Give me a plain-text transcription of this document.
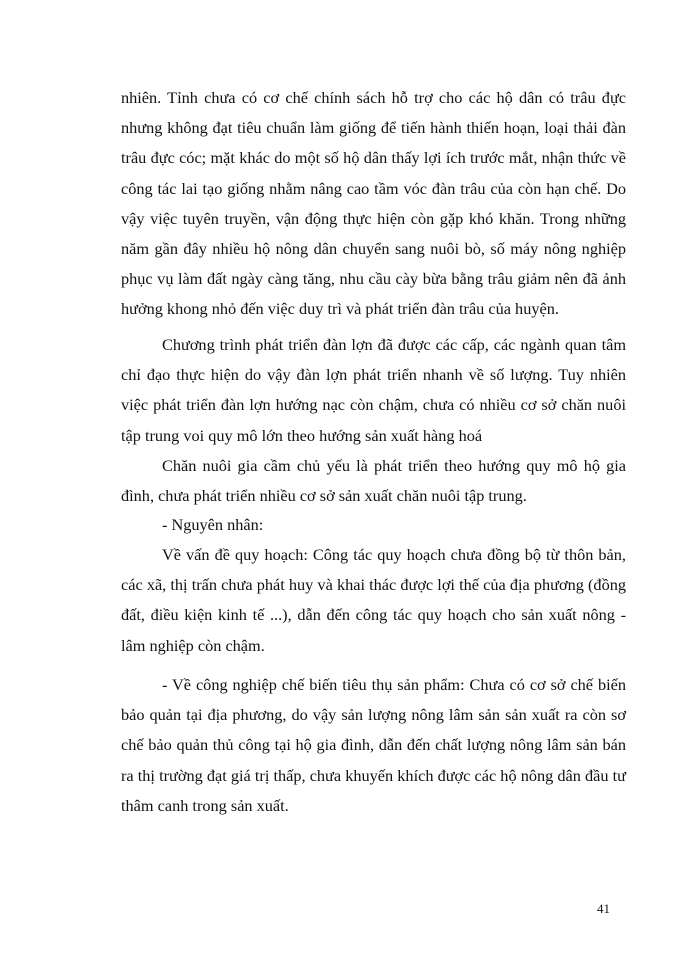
nhiên. Tỉnh chưa có cơ chế chính sách hỗ trợ cho các hộ dân có trâu đực nhưng không đạt tiêu chuẩn làm giống để tiến hành thiến hoạn, loại thải đàn trâu đực cóc; mặt khác do một số hộ dân thấy lợi ích trước mắt, nhận thức về công tác lai tạo giống nhằm nâng cao tầm vóc đàn trâu của còn hạn chế. Do vậy việc tuyên truyền, vận động thực hiện còn gặp khó khăn. Trong những năm gần đây nhiều hộ nông dân chuyển sang nuôi bò, số máy nông nghiệp phục vụ làm đất ngày càng tăng, nhu cầu cày bừa bằng trâu giảm nên đã ảnh hưởng khong nhỏ đến việc duy trì và phát triển đàn trâu của huyện.

Chương trình phát triển đàn lợn đã được các cấp, các ngành quan tâm chỉ đạo thực hiện do vậy đàn lợn phát triển nhanh về số lượng. Tuy nhiên việc phát triển đàn lợn hướng nạc còn chậm, chưa có nhiều cơ sở chăn nuôi tập trung voi quy mô lớn theo hướng sản xuất hàng hoá

Chăn nuôi gia cầm chủ yếu là phát triển theo hướng quy mô hộ gia đình, chưa phát triển nhiều cơ sở sản xuất chăn nuôi tập trung.

- Nguyên nhân:

Về vấn đề quy hoạch: Công tác quy hoạch chưa đồng bộ từ thôn bản, các xã, thị trấn chưa phát huy và khai thác được lợi thế của địa phương (đồng đất, điều kiện kinh tế ...), dẫn đến công tác quy hoạch cho sản xuất nông - lâm nghiệp còn chậm.

- Về công nghiệp chế biến tiêu thụ sản phẩm: Chưa có cơ sở chế biến bảo quản tại địa phương, do vậy sản lượng nông lâm sản sản xuất ra còn sơ chế bảo quản thủ công tại hộ gia đình, dẫn đến chất lượng nông lâm sản bán ra thị trường đạt giá trị thấp, chưa khuyến khích được các hộ nông dân đầu tư thâm canh trong sản xuất.

41
